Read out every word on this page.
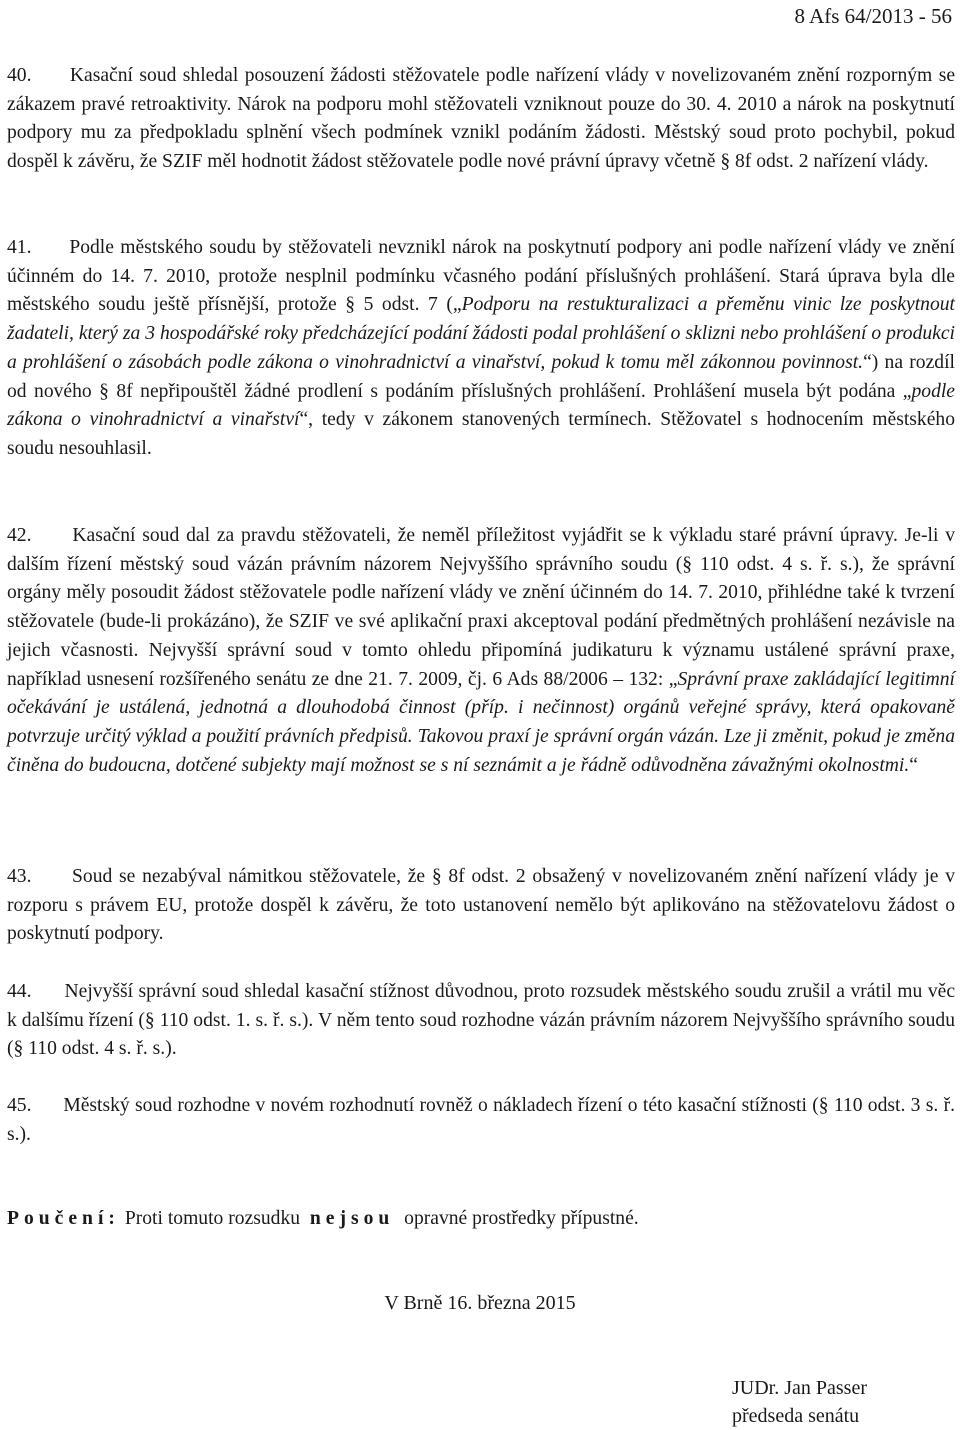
8 Afs 64/2013 - 56

40. Kasační soud shledal posouzení žádosti stěžovatele podle nařízení vlády v novelizovaném znění rozporným se zákazem pravé retroaktivity. Nárok na podporu mohl stěžovateli vzniknout pouze do 30. 4. 2010 a nárok na poskytnutí podpory mu za předpokladu splnění všech podmínek vznikl podáním žádosti. Městský soud proto pochybil, pokud dospěl k závěru, že SZIF měl hodnotit žádost stěžovatele podle nové právní úpravy včetně § 8f odst. 2 nařízení vlády.

41. Podle městského soudu by stěžovateli nevznikl nárok na poskytnutí podpory ani podle nařízení vlády ve znění účinném do 14. 7. 2010, protože nesplnil podmínku včasného podání příslušných prohlášení. Stará úprava byla dle městského soudu ještě přísnější, protože § 5 odst. 7 („Podporu na restukturalizaci a přeměnu vinic lze poskytnout žadateli, který za 3 hospodářské roky předcházející podání žádosti podal prohlášení o sklizni nebo prohlášení o produkci a prohlášení o zásobách podle zákona o vinohradnictví a vinařství, pokud k tomu měl zákonnou povinnost.“) na rozdíl od nového § 8f nepřipouštěl žádné prodlení s podáním příslušných prohlášení. Prohlášení musela být podána „podle zákona o vinohradnictví a vinařství“, tedy v zákonem stanovených termínech. Stěžovatel s hodnocením městského soudu nesouhlasil.

42. Kasační soud dal za pravdu stěžovateli, že neměl příležitost vyjádřit se k výkladu staré právní úpravy. Je-li v dalším řízení městský soud vázán právním názorem Nejvyššího správního soudu (§ 110 odst. 4 s. ř. s.), že správní orgány měly posoudit žádost stěžovatele podle nařízení vlády ve znění účinném do 14. 7. 2010, přihlédne také k tvrzení stěžovatele (bude-li prokázáno), že SZIF ve své aplikační praxi akceptoval podání předmětných prohlášení nezávisle na jejich včasnosti. Nejvyšší správní soud v tomto ohledu připomíná judikaturu k významu ustálené správní praxe, například usnesení rozšířeného senátu ze dne 21. 7. 2009, čj. 6 Ads 88/2006 – 132: „Správní praxe zakládající legitimní očekávání je ustálená, jednotná a dlouhodobá činnost (příp. i nečinnost) orgánů veřejné správy, která opakovaně potvrzuje určitý výklad a použití právních předpisů. Takovou praxí je správní orgán vázán. Lze ji změnit, pokud je změna činěna do budoucna, dotčené subjekty mají možnost se s ní seznámit a je řádně odůvodněna závažnými okolnostmi.“

43. Soud se nezabýval námitkou stěžovatele, že § 8f odst. 2 obsažený v novelizovaném znění nařízení vlády je v rozporu s právem EU, protože dospěl k závěru, že toto ustanovení nemělo být aplikováno na stěžovatelovu žádost o poskytnutí podpory.

44. Nejvyšší správní soud shledal kasační stížnost důvodnou, proto rozsudek městského soudu zrušil a vrátil mu věc k dalšímu řízení (§ 110 odst. 1. s. ř. s.). V něm tento soud rozhodne vázán právním názorem Nejvyššího správního soudu (§ 110 odst. 4 s. ř. s.).

45. Městský soud rozhodne v novém rozhodnutí rovněž o nákladech řízení o této kasační stížnosti (§ 110 odst. 3 s. ř. s.).

Poučení: Proti tomuto rozsudku  nejsou  opravné prostředky přípustné.
V Brně 16. března 2015
JUDr. Jan Passer
předseda senátu
